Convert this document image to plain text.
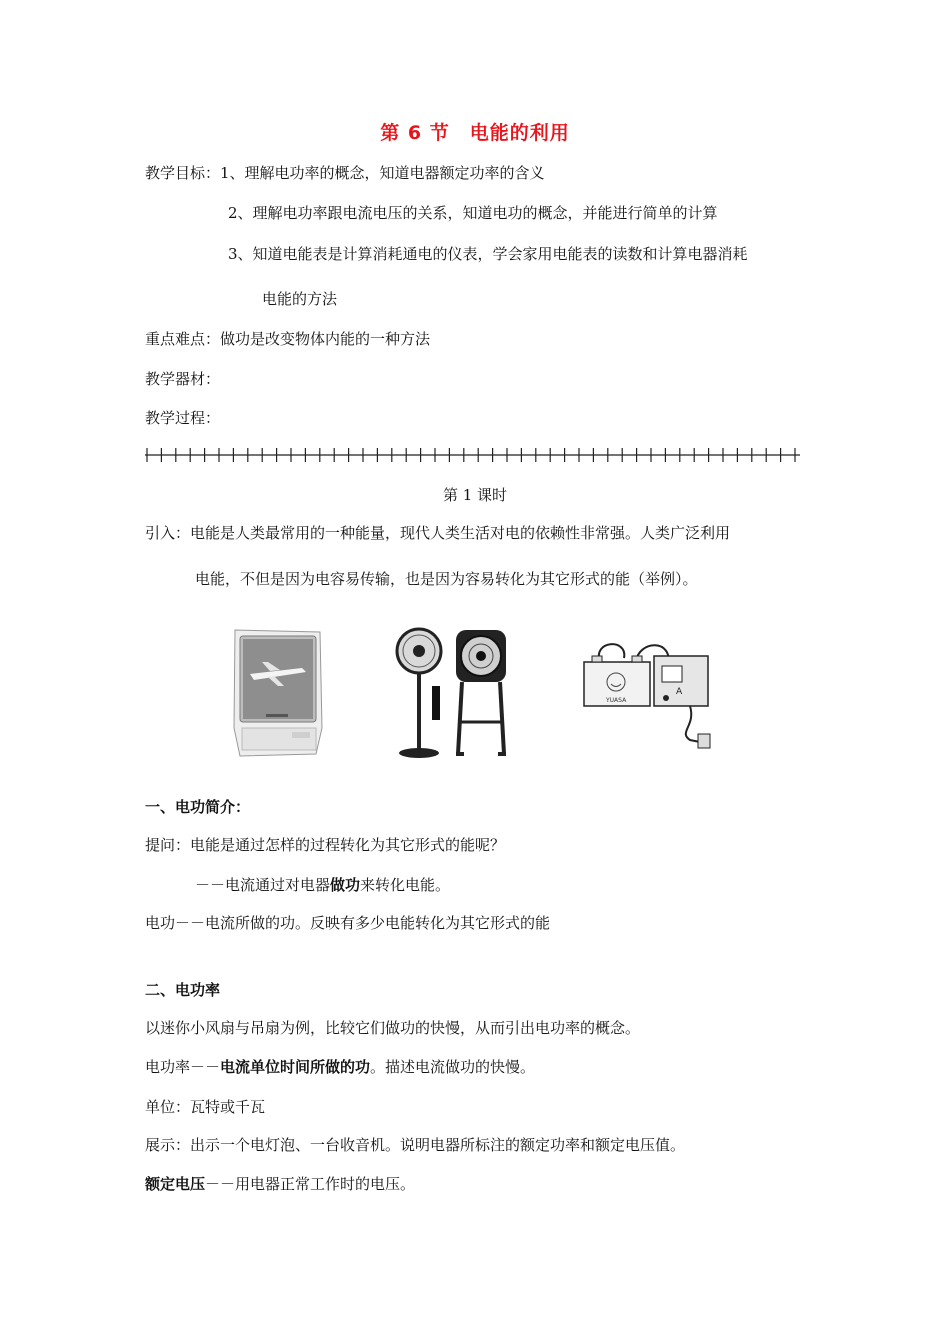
第 6 节　电能的利用
教学目标：1、理解电功率的概念，知道电器额定功率的含义
2、理解电功率跟电流电压的关系，知道电功的概念，并能进行简单的计算
3、知道电能表是计算消耗通电的仪表，学会家用电能表的读数和计算电器消耗
电能的方法
重点难点：做功是改变物体内能的一种方法
教学器材：
教学过程：
第 1 课时
引入：电能是人类最常用的一种能量，现代人类生活对电的依赖性非常强。人类广泛利用
电能，不但是因为电容易传输，也是因为容易转化为其它形式的能（举例）。
YUASA
A
一、电功简介：
提问：电能是通过怎样的过程转化为其它形式的能呢？
－－电流通过对电器做功来转化电能。
电功－－电流所做的功。反映有多少电能转化为其它形式的能
二、电功率
以迷你小风扇与吊扇为例，比较它们做功的快慢，从而引出电功率的概念。
电功率－－电流单位时间所做的功。描述电流做功的快慢。
单位：瓦特或千瓦
展示：出示一个电灯泡、一台收音机。说明电器所标注的额定功率和额定电压值。
额定电压－－用电器正常工作时的电压。
